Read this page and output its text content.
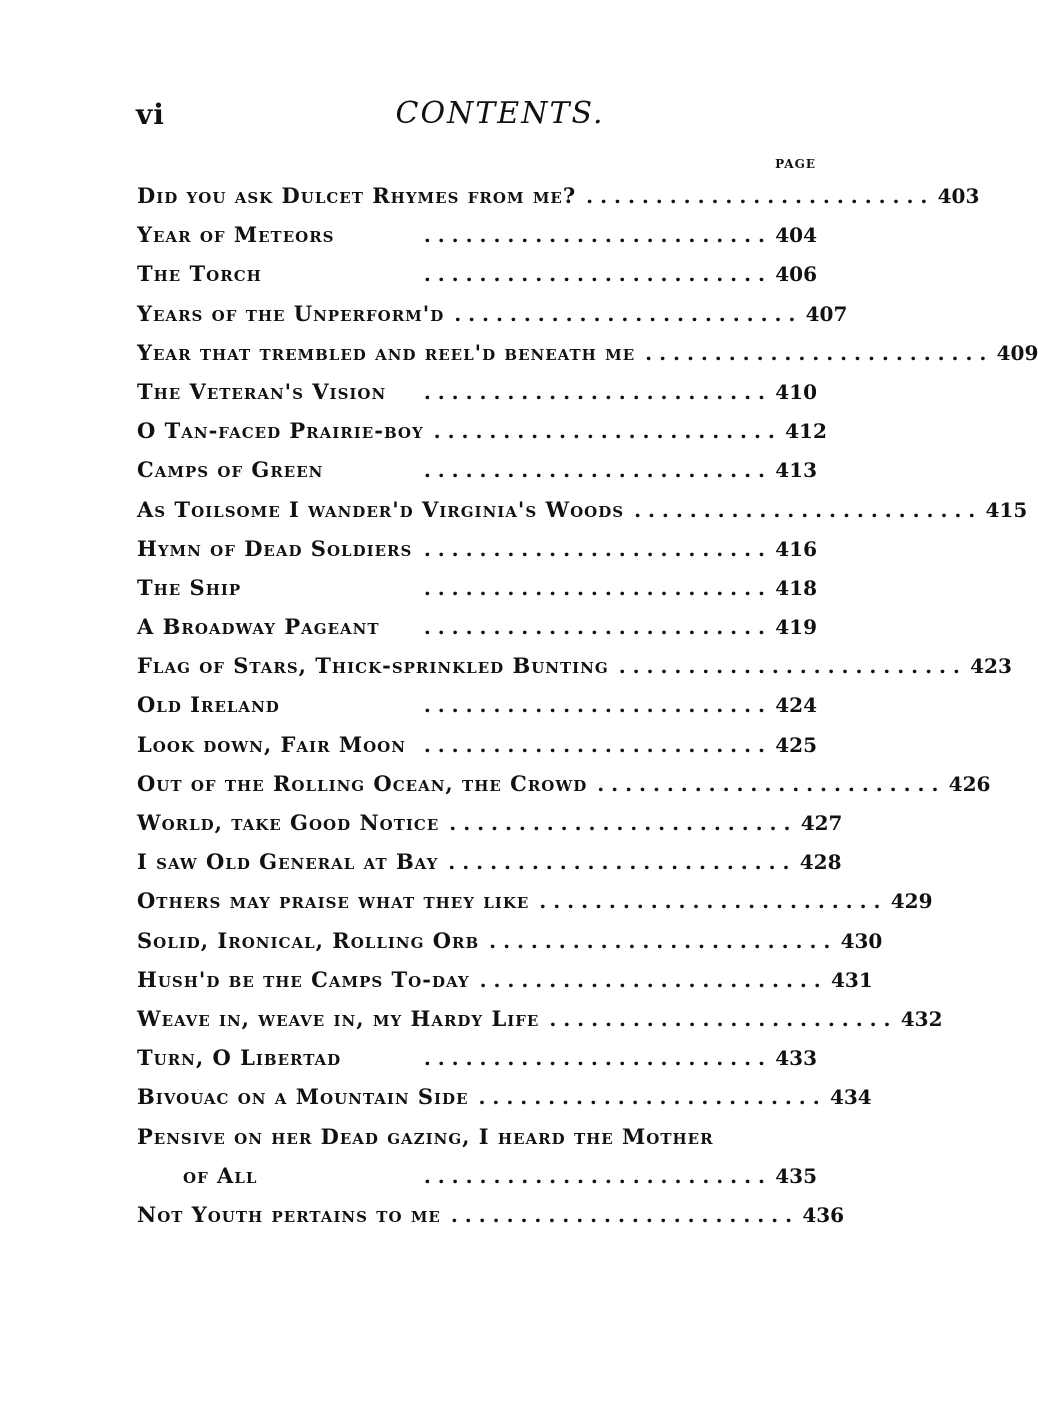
vi	CONTENTS.
PAGE
Did you ask Dulcet Rhymes from me? . . . . . . . . . . . . . . . . . . . . . . . . . 403
Year of Meteors	. . . . . . . . . . . . . . . . . . . . . . . . . 404
The Torch	. . . . . . . . . . . . . . . . . . . . . . . . . 406
Years of the Unperform'd . . . . . . . . . . . . . . . . . . . . . . . . . 407
Year that trembled and reel'd beneath me . . . . . . . . . . . . . . . . . . . . . . . . . 409
The Veteran's Vision	. . . . . . . . . . . . . . . . . . . . . . . . . 410
O Tan-faced Prairie-boy . . . . . . . . . . . . . . . . . . . . . . . . . 412
Camps of Green	. . . . . . . . . . . . . . . . . . . . . . . . . 413
As Toilsome I wander'd Virginia's Woods . . . . . . . . . . . . . . . . . . . . . . . . . 415
Hymn of Dead Soldiers . . . . . . . . . . . . . . . . . . . . . . . . . 416
The Ship	. . . . . . . . . . . . . . . . . . . . . . . . . 418
A Broadway Pageant	. . . . . . . . . . . . . . . . . . . . . . . . . 419
Flag of Stars, Thick-sprinkled Bunting . . . . . . . . . . . . . . . . . . . . . . . . . 423
Old Ireland	. . . . . . . . . . . . . . . . . . . . . . . . . 424
Look down, Fair Moon . . . . . . . . . . . . . . . . . . . . . . . . . 425
Out of the Rolling Ocean, the Crowd . . . . . . . . . . . . . . . . . . . . . . . . . 426
World, take Good Notice . . . . . . . . . . . . . . . . . . . . . . . . . 427
I saw Old General at Bay . . . . . . . . . . . . . . . . . . . . . . . . . 428
Others may praise what they like . . . . . . . . . . . . . . . . . . . . . . . . . 429
Solid, Ironical, Rolling Orb . . . . . . . . . . . . . . . . . . . . . . . . . 430
Hush'd be the Camps To-day . . . . . . . . . . . . . . . . . . . . . . . . . 431
Weave in, weave in, my Hardy Life . . . . . . . . . . . . . . . . . . . . . . . . . 432
Turn, O Libertad	. . . . . . . . . . . . . . . . . . . . . . . . . 433
Bivouac on a Mountain Side . . . . . . . . . . . . . . . . . . . . . . . . . 434
Pensive on her Dead gazing, I heard the Mother
of All	. . . . . . . . . . . . . . . . . . . . . . . . . 435
Not Youth pertains to me . . . . . . . . . . . . . . . . . . . . . . . . . 436
